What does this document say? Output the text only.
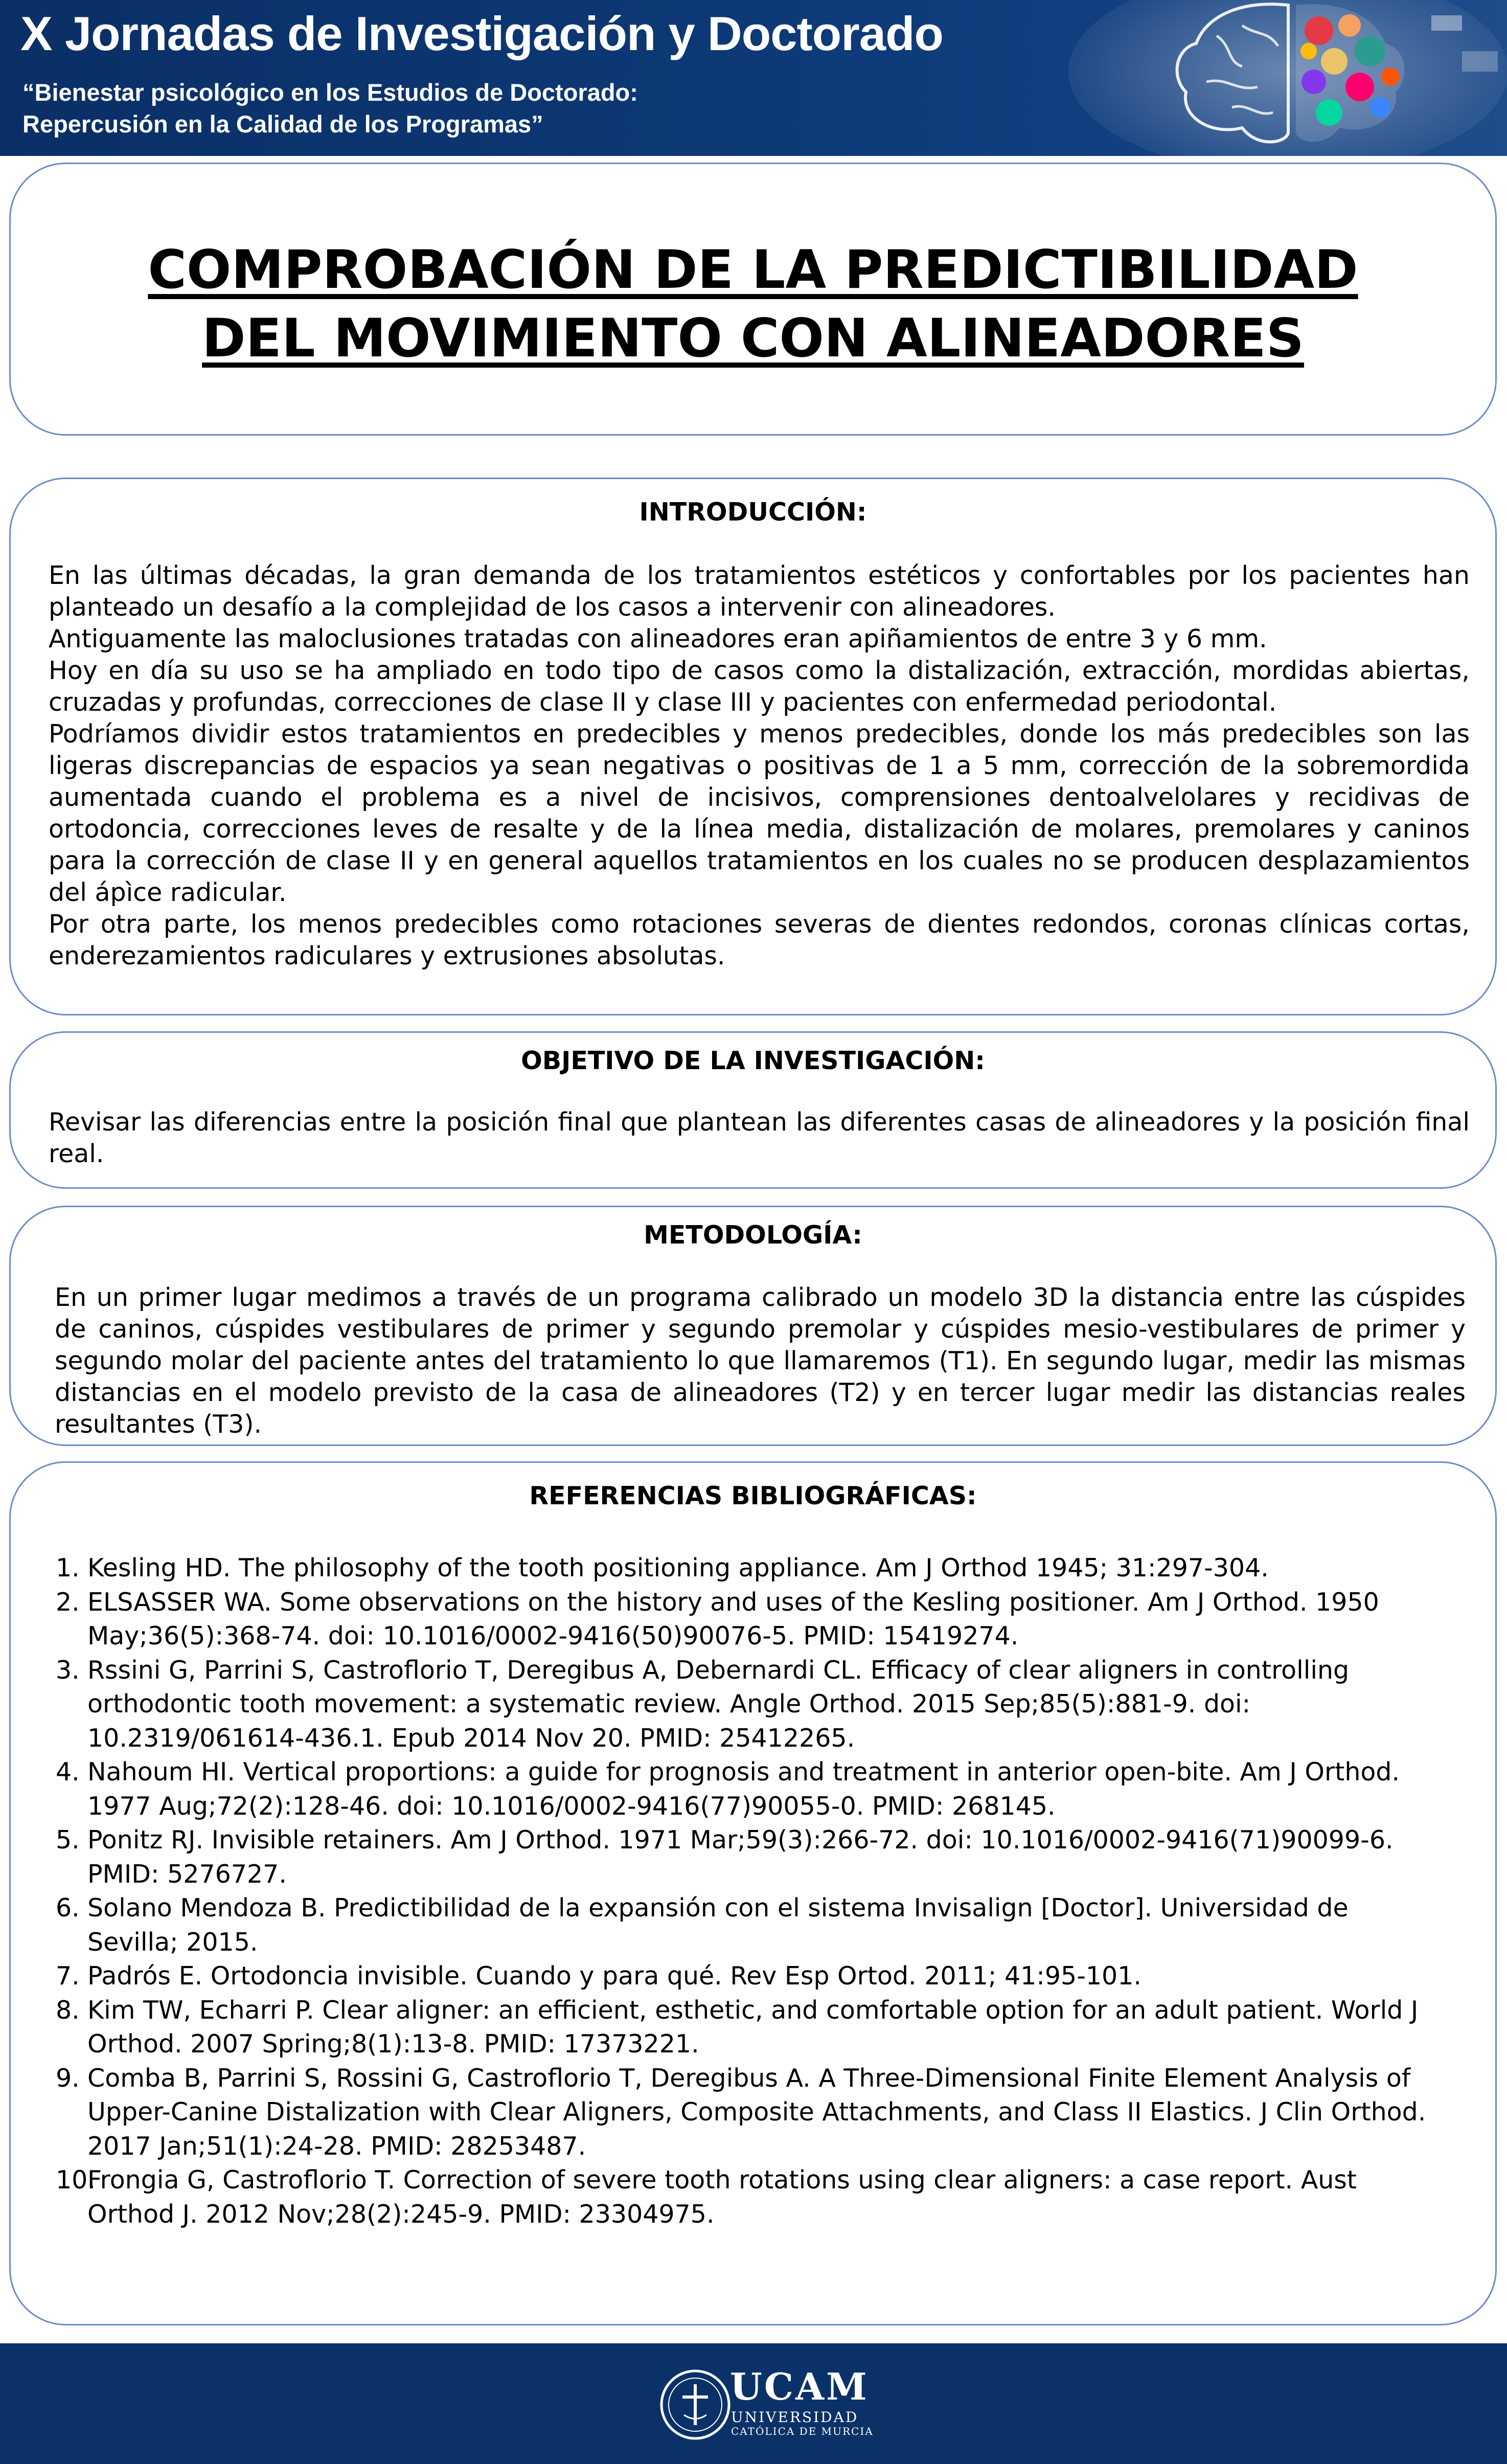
X Jornadas de Investigación y Doctorado
“Bienestar psicológico en los Estudios de Doctorado:
Repercusión en la Calidad de los Programas”
COMPROBACIÓN DE LA PREDICTIBILIDAD
DEL MOVIMIENTO CON ALINEADORES
INTRODUCCIÓN:

En las últimas décadas, la gran demanda de los tratamientos estéticos y confortables por los pacientes han planteado un desafío a la complejidad de los casos a intervenir con alineadores.

Antiguamente las maloclusiones tratadas con alineadores eran apiñamientos de entre 3 y 6 mm.

Hoy en día su uso se ha ampliado en todo tipo de casos como la distalización, extracción, mordidas abiertas, cruzadas y profundas, correcciones de clase II y clase III y pacientes con enfermedad periodontal.

Podríamos dividir estos tratamientos en predecibles y menos predecibles, donde los más predecibles son las ligeras discrepancias de espacios ya sean negativas o positivas de 1 a 5 mm, corrección de la sobremordida aumentada cuando el problema es a nivel de incisivos, comprensiones dentoalvelolares y recidivas de ortodoncia, correcciones leves de resalte y de la línea media, distalización de molares, premolares y caninos para la corrección de clase II y en general aquellos tratamientos en los cuales no se producen desplazamientos del ápìce radicular.

Por otra parte, los menos predecibles como rotaciones severas de dientes redondos, coronas clínicas cortas, enderezamientos radiculares y extrusiones absolutas.

OBJETIVO DE LA INVESTIGACIÓN:
Revisar las diferencias entre la posición final que plantean las diferentes casas de alineadores y la posición final real.
METODOLOGÍA:
En un primer lugar medimos a través de un programa calibrado un modelo 3D la distancia entre las cúspides de caninos, cúspides vestibulares de primer y segundo premolar y cúspides mesio-vestibulares de primer y segundo molar del paciente antes del tratamiento lo que llamaremos (T1). En segundo lugar, medir las mismas distancias en el modelo previsto de la casa de alineadores (T2) y en tercer lugar medir las distancias reales resultantes (T3).
REFERENCIAS BIBLIOGRÁFICAS:
1. Kesling HD. The philosophy of the tooth positioning appliance. Am J Orthod 1945; 31:297-304.
2. ELSASSER WA. Some observations on the history and uses of the Kesling positioner. Am J Orthod. 1950 May;36(5):368-74. doi: 10.1016/0002-9416(50)90076-5. PMID: 15419274.
3. Rssini G, Parrini S, Castroflorio T, Deregibus A, Debernardi CL. Efficacy of clear aligners in controlling orthodontic tooth movement: a systematic review. Angle Orthod. 2015 Sep;85(5):881-9. doi: 10.2319/061614-436.1. Epub 2014 Nov 20. PMID: 25412265.
4. Nahoum HI. Vertical proportions: a guide for prognosis and treatment in anterior open-bite. Am J Orthod. 1977 Aug;72(2):128-46. doi: 10.1016/0002-9416(77)90055-0. PMID: 268145.
5. Ponitz RJ. Invisible retainers. Am J Orthod. 1971 Mar;59(3):266-72. doi: 10.1016/0002-9416(71)90099-6. PMID: 5276727.
6. Solano Mendoza B. Predictibilidad de la expansión con el sistema Invisalign [Doctor]. Universidad de Sevilla; 2015.
7. Padrós E. Ortodoncia invisible. Cuando y para qué. Rev Esp Ortod. 2011; 41:95-101.
8. Kim TW, Echarri P. Clear aligner: an efficient, esthetic, and comfortable option for an adult patient. World J Orthod. 2007 Spring;8(1):13-8. PMID: 17373221.
9. Comba B, Parrini S, Rossini G, Castroflorio T, Deregibus A. A Three-Dimensional Finite Element Analysis of Upper-Canine Distalization with Clear Aligners, Composite Attachments, and Class II Elastics. J Clin Orthod. 2017 Jan;51(1):24-28. PMID: 28253487.
10.
Frongia G, Castroflorio T. Correction of severe tooth rotations using clear aligners: a case report. Aust Orthod J. 2012 Nov;28(2):245-9. PMID: 23304975.
UCAM
UNIVERSIDAD
CATÓLICA DE MURCIA
